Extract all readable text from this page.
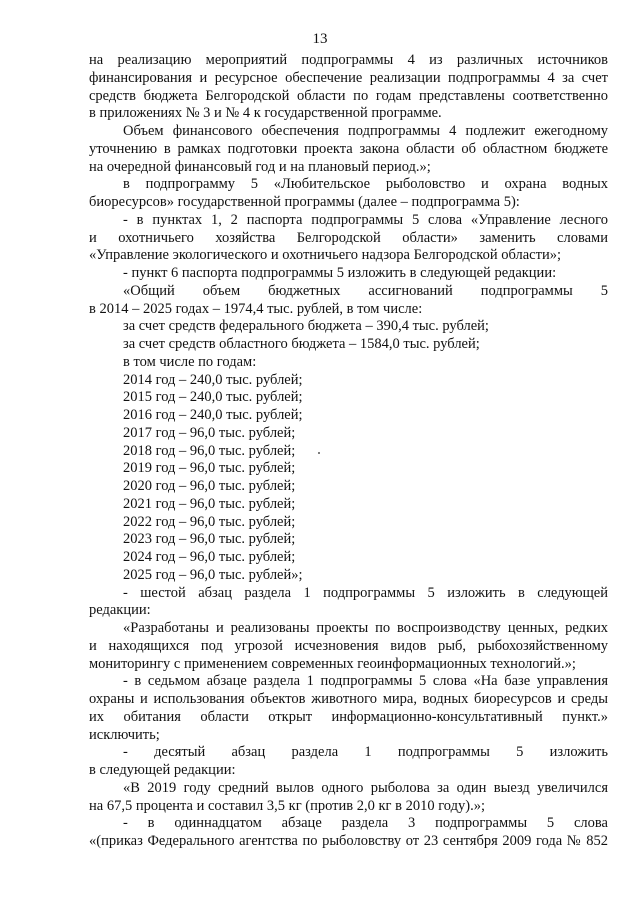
13
на реализацию мероприятий подпрограммы 4 из различных источников
финансирования и ресурсное обеспечение реализации подпрограммы 4 за счет
средств бюджета Белгородской области по годам представлены соответственно
в приложениях № 3 и № 4 к государственной программе.
Объем финансового обеспечения подпрограммы 4 подлежит ежегодному
уточнению в рамках подготовки проекта закона области об областном бюджете
на очередной финансовый год и на плановый период.»;
в подпрограмму 5 «Любительское рыболовство и охрана водных
биоресурсов» государственной программы (далее – подпрограмма 5):
- в пунктах 1, 2 паспорта подпрограммы 5 слова «Управление лесного
и охотничьего хозяйства Белгородской области» заменить словами
«Управление экологического и охотничьего надзора Белгородской области»;
- пункт 6 паспорта подпрограммы 5 изложить в следующей редакции:
«Общий объем бюджетных ассигнований подпрограммы 5
в 2014 – 2025 годах – 1974,4 тыс. рублей, в том числе:
за счет средств федерального бюджета – 390,4 тыс. рублей;
за счет средств областного бюджета – 1584,0 тыс. рублей;
в том числе по годам:
2014 год – 240,0 тыс. рублей;
2015 год – 240,0 тыс. рублей;
2016 год – 240,0 тыс. рублей;
2017 год – 96,0 тыс. рублей;
2018 год – 96,0 тыс. рублей;
2019 год – 96,0 тыс. рублей;
2020 год – 96,0 тыс. рублей;
2021 год – 96,0 тыс. рублей;
2022 год – 96,0 тыс. рублей;
2023 год – 96,0 тыс. рублей;
2024 год – 96,0 тыс. рублей;
2025 год – 96,0 тыс. рублей»;
- шестой абзац раздела 1 подпрограммы 5 изложить в следующей
редакции:
«Разработаны и реализованы проекты по воспроизводству ценных, редких
и находящихся под угрозой исчезновения видов рыб, рыбохозяйственному
мониторингу с применением современных геоинформационных технологий.»;
- в седьмом абзаце раздела 1 подпрограммы 5 слова «На базе управления
охраны и использования объектов животного мира, водных биоресурсов и среды
их обитания области открыт информационно-консультативный пункт.»
исключить;
- десятый абзац раздела 1 подпрограммы 5 изложить
в следующей редакции:
«В 2019 году средний вылов одного рыболова за один выезд увеличился
на 67,5 процента и составил 3,5 кг (против 2,0 кг в 2010 году).»;
- в одиннадцатом абзаце раздела 3 подпрограммы 5 слова
«(приказ Федерального агентства по рыболовству от 23 сентября 2009 года № 852
